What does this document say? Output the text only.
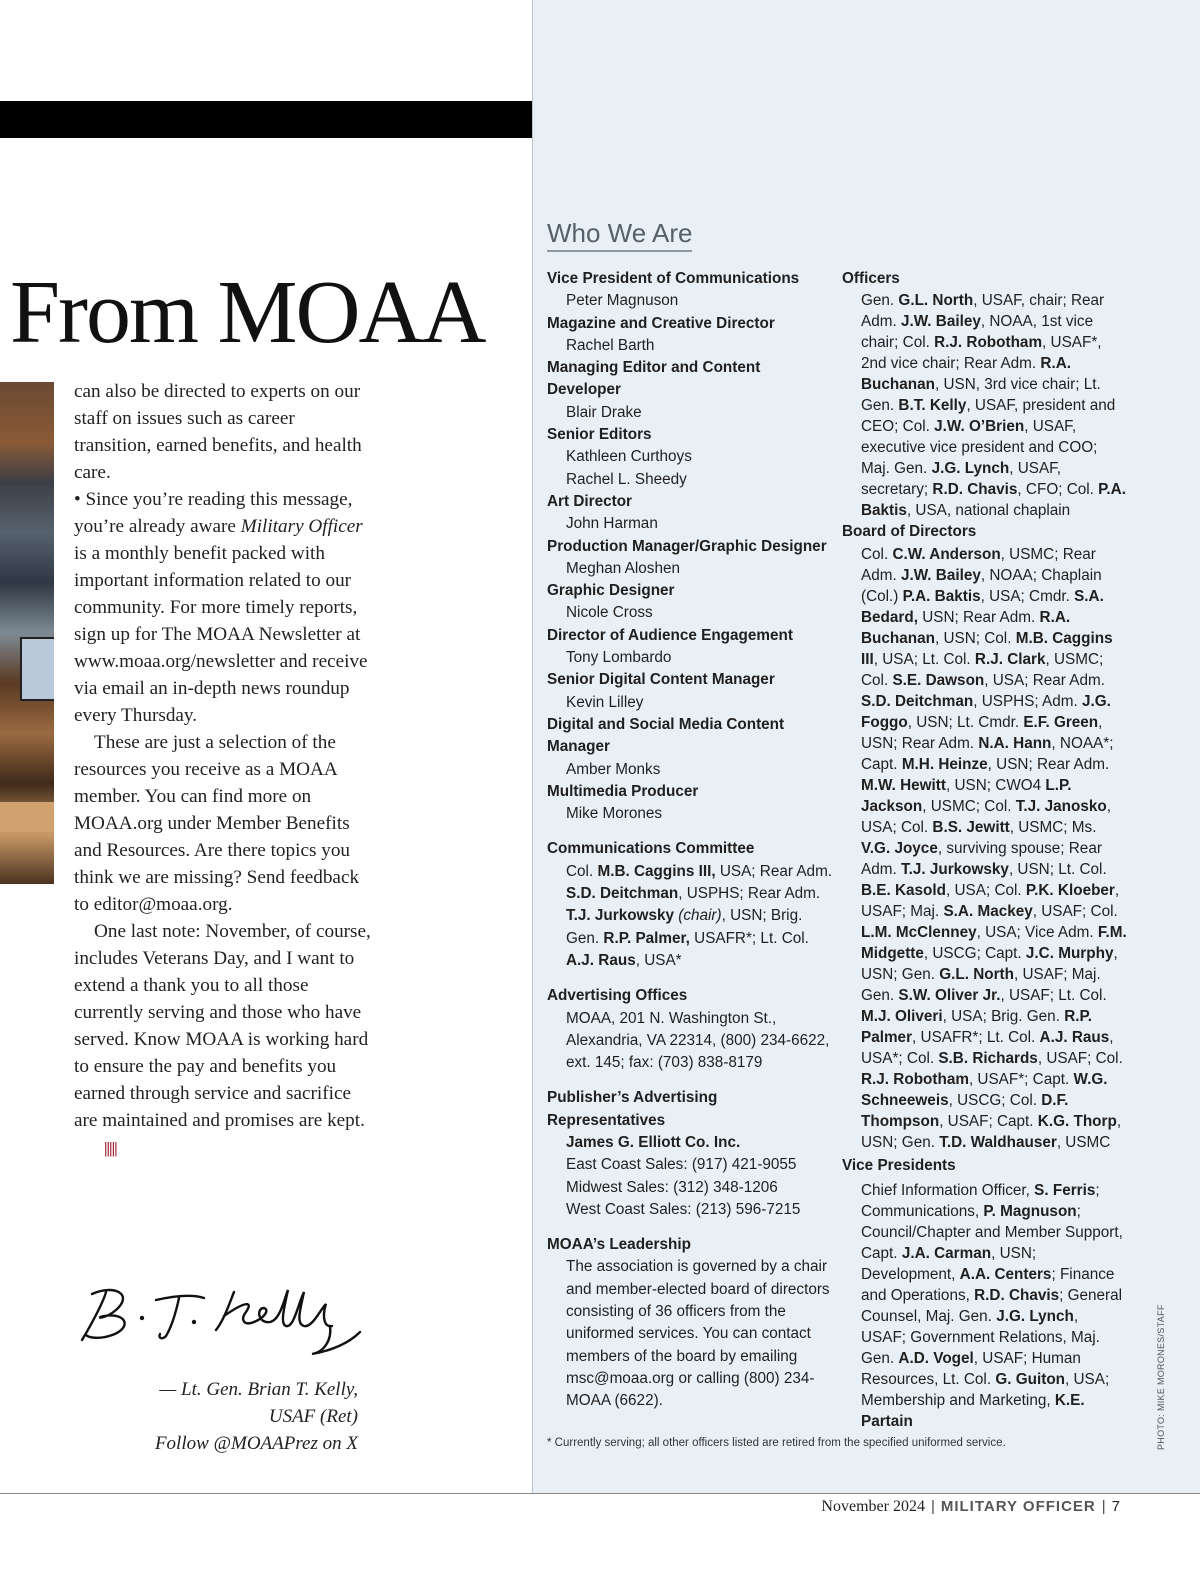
From MOAA

can also be directed to experts on our staff on issues such as career transition, earned benefits, and health care.

• Since you’re reading this message, you’re already aware Military Officer is a monthly benefit packed with important information related to our community. For more timely reports, sign up for The MOAA Newsletter at www.moaa.org/newsletter and receive via email an in-depth news roundup every Thursday.

These are just a selection of the resources you receive as a MOAA member. You can find more on MOAA.org under Member Benefits and Resources. Are there topics you think we are missing? Send feedback to editor@moaa.org.

One last note: November, of course, includes Veterans Day, and I want to extend a thank you to all those currently serving and those who have served. Know MOAA is working hard to ensure the pay and benefits you earned through service and sacrifice are maintained and promises are kept.|||||

— Lt. Gen. Brian T. Kelly,
USAF (Ret)
Follow @MOAAPrez on X
Who We Are
Vice President of Communications
Peter Magnuson
Magazine and Creative Director
Rachel Barth
Managing Editor and Content Developer
Blair Drake
Senior Editors
Kathleen Curthoys
Rachel L. Sheedy
Art Director
John Harman
Production Manager/Graphic Designer
Meghan Aloshen
Graphic Designer
Nicole Cross
Director of Audience Engagement
Tony Lombardo
Senior Digital Content Manager
Kevin Lilley
Digital and Social Media Content Manager
Amber Monks
Multimedia Producer
Mike Morones
Communications Committee
Col. M.B. Caggins III, USA; Rear Adm. S.D. Deitchman, USPHS; Rear Adm. T.J. Jurkowsky (chair), USN; Brig. Gen. R.P. Palmer, USAFR*; Lt. Col. A.J. Raus, USA*
Advertising Offices
MOAA, 201 N. Washington St., Alexandria, VA 22314, (800) 234-6622, ext. 145; fax: (703) 838-8179
Publisher’s Advertising Representatives
James G. Elliott Co. Inc.
East Coast Sales: (917) 421-9055
Midwest Sales: (312) 348-1206
West Coast Sales: (213) 596-7215
MOAA’s Leadership
The association is governed by a chair and member-elected board of directors consisting of 36 officers from the uniformed services. You can contact members of the board by emailing msc@moaa.org or calling (800) 234-MOAA (6622).
Officers
Gen. G.L. North, USAF, chair; Rear Adm. J.W. Bailey, NOAA, 1st vice chair; Col. R.J. Robotham, USAF*, 2nd vice chair; Rear Adm. R.A. Buchanan, USN, 3rd vice chair; Lt. Gen. B.T. Kelly, USAF, president and CEO; Col. J.W. O’Brien, USAF, executive vice president and COO; Maj. Gen. J.G. Lynch, USAF, secretary; R.D. Chavis, CFO; Col. P.A. Baktis, USA, national chaplain
Board of Directors
Col. C.W. Anderson, USMC; Rear Adm. J.W. Bailey, NOAA; Chaplain (Col.) P.A. Baktis, USA; Cmdr. S.A. Bedard, USN; Rear Adm. R.A. Buchanan, USN; Col. M.B. Caggins III, USA; Lt. Col. R.J. Clark, USMC; Col. S.E. Dawson, USA; Rear Adm. S.D. Deitchman, USPHS; Adm. J.G. Foggo, USN; Lt. Cmdr. E.F. Green, USN; Rear Adm. N.A. Hann, NOAA*; Capt. M.H. Heinze, USN; Rear Adm. M.W. Hewitt, USN; CWO4 L.P. Jackson, USMC; Col. T.J. Janosko, USA; Col. B.S. Jewitt, USMC; Ms. V.G. Joyce, surviving spouse; Rear Adm. T.J. Jurkowsky, USN; Lt. Col. B.E. Kasold, USA; Col. P.K. Kloeber, USAF; Maj. S.A. Mackey, USAF; Col. L.M. McClenney, USA; Vice Adm. F.M. Midgette, USCG; Capt. J.C. Murphy, USN; Gen. G.L. North, USAF; Maj. Gen. S.W. Oliver Jr., USAF; Lt. Col. M.J. Oliveri, USA; Brig. Gen. R.P. Palmer, USAFR*; Lt. Col. A.J. Raus, USA*; Col. S.B. Richards, USAF; Col. R.J. Robotham, USAF*; Capt. W.G. Schneeweis, USCG; Col. D.F. Thompson, USAF; Capt. K.G. Thorp, USN; Gen. T.D. Waldhauser, USMC
Vice Presidents
Chief Information Officer, S. Ferris; Communications, P. Magnuson; Council/Chapter and Member Support, Capt. J.A. Carman, USN; Development, A.A. Centers; Finance and Operations, R.D. Chavis; General Counsel, Maj. Gen. J.G. Lynch, USAF; Government Relations, Maj. Gen. A.D. Vogel, USAF; Human Resources, Lt. Col. G. Guiton, USA; Membership and Marketing, K.E. Partain
* Currently serving; all other officers listed are retired from the specified uniformed service.	PHOTO: MIKE MORONES/STAFF
November 2024 | MILITARY OFFICER | 7
